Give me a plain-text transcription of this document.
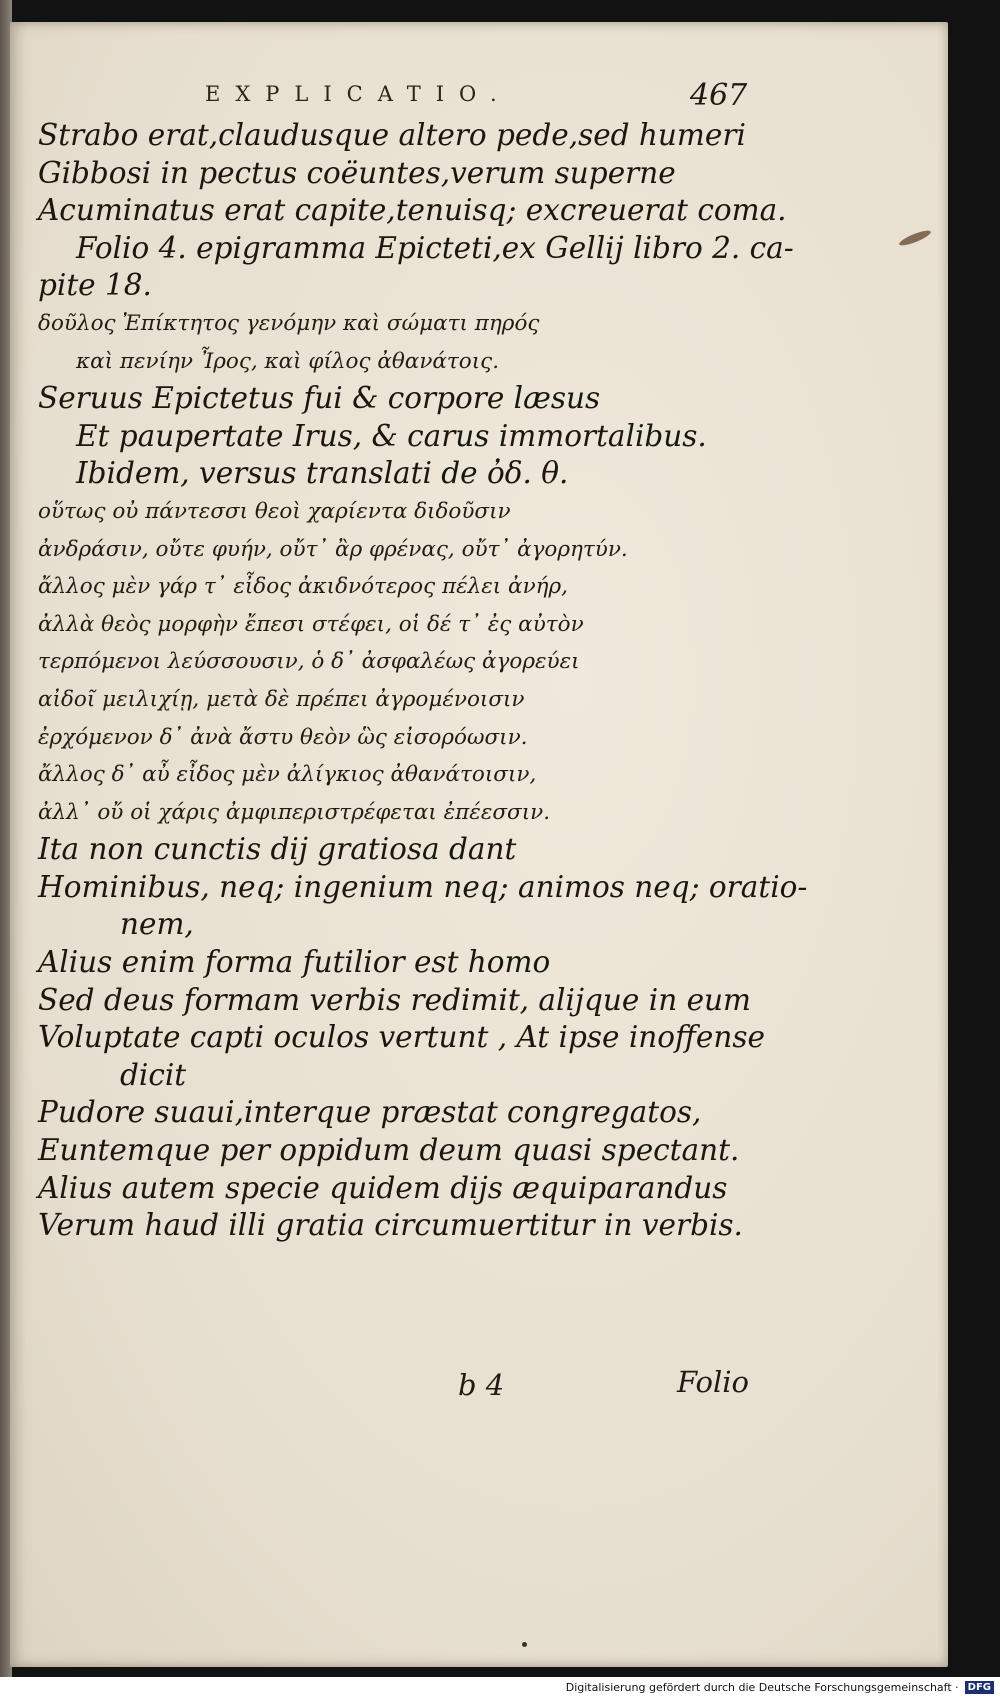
EXPLICATIO.	467
Strabo erat,claudusque altero pede,sed humeri
Gibbosi in pectus coëuntes,verum superne
Acuminatus erat capite,tenuisq; excreuerat coma.
Folio 4. epigramma Epicteti,ex Gellij libro 2. ca-
pite 18.
δοῦλος Ἐπίκτητος γενόμην καὶ σώματι πηρός
καὶ πενίην Ἶρος, καὶ φίλος ἀθανάτοις.
Seruus Epictetus fui & corpore læsus
Et paupertate Irus, & carus immortalibus.
Ibidem, versus translati de ὀδ. θ.
οὕτως οὐ πάντεσσι θεοὶ χαρίεντα διδοῦσιν
ἀνδράσιν, οὔτε φυήν, οὔτ᾽ ἂρ φρένας, οὔτ᾽ ἀγορητύν.
ἄλλος μὲν γάρ τ᾽ εἶδος ἀκιδνότερος πέλει ἀνήρ,
ἀλλὰ θεὸς μορφὴν ἔπεσι στέφει, οἱ δέ τ᾽ ἐς αὐτὸν
τερπόμενοι λεύσσουσιν, ὁ δ᾽ ἀσφαλέως ἀγορεύει
αἰδοῖ μειλιχίῃ, μετὰ δὲ πρέπει ἀγρομένοισιν
ἐρχόμενον δ᾽ ἀνὰ ἄστυ θεὸν ὣς εἰσορόωσιν.
ἄλλος δ᾽ αὖ εἶδος μὲν ἀλίγκιος ἀθανάτοισιν,
ἀλλ᾽ οὔ οἱ χάρις ἀμφιπεριστρέφεται ἐπέεσσιν.
Ita non cunctis dij gratiosa dant
Hominibus, neq; ingenium neq; animos neq; oratio-
nem,
Alius enim forma futilior est homo
Sed deus formam verbis redimit, alijque in eum
Voluptate capti oculos vertunt , At ipse inoffense
dicit
Pudore suaui,interque præstat congregatos,
Euntemque per oppidum deum quasi spectant.
Alius autem specie quidem dijs æquiparandus
Verum haud illi gratia circumuertitur in verbis.
b 4	Folio
Digitalisierung gefördert durch die Deutsche Forschungsgemeinschaft · DFG
